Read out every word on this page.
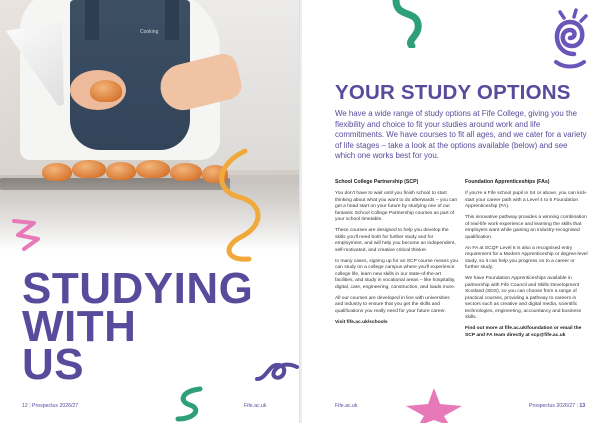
Cooking
STUDYING
WITH
US
12 | Prospectus 2026/27	Fife.ac.uk
YOUR STUDY OPTIONS
We have a wide range of study options at Fife College, giving you the flexibility and choice to fit your studies around work and life commitments. We have courses to fit all ages, and we cater for a variety of life stages – take a look at the options available (below) and see which one works best for you.
School College Partnership (SCP)

You don't have to wait until you finish school to start thinking about what you want to do afterwards – you can get a head start on your future by studying one of our fantastic School College Partnership courses as part of your school timetable.

These courses are designed to help you develop the skills you'll need both for further study and for employment, and will help you become an independent, self-motivated, and creative critical thinker.

In many cases, signing up for an SCP course means you can study on a college campus where you'll experience college life, learn new skills in our state-of-the-art facilities, and study in vocational areas – like hospitality, digital, care, engineering, construction, and loads more.

All our courses are developed in line with universities and industry to ensure that you get the skills and qualifications you really need for your future career.

Visit fife.ac.uk/schools

Foundation Apprenticeships (FAs)

If you're a Fife school pupil in S4 or above, you can kick-start your career path with a Level 4 to 6 Foundation Apprenticeship (FA).

This innovative pathway provides a winning combination of real-life work experience and learning the skills that employers want while gaining an industry-recognised qualification.

An FA at SCQF Level 6 is also a recognised entry requirement for a Modern Apprenticeship or degree-level study, so it can help you progress on to a career or further study.

We have Foundation Apprenticeships available in partnership with Fife Council and Skills Development Scotland (SDS), so you can choose from a range of practical courses, providing a pathway to careers in sectors such as creative and digital media, scientific technologies, engineering, accountancy and business skills.

Find out more at fife.ac.uk/foundation or email the SCP and FA team directly at scp@fife.ac.uk

Fife.ac.uk	Prospectus 2026/27 | 13
